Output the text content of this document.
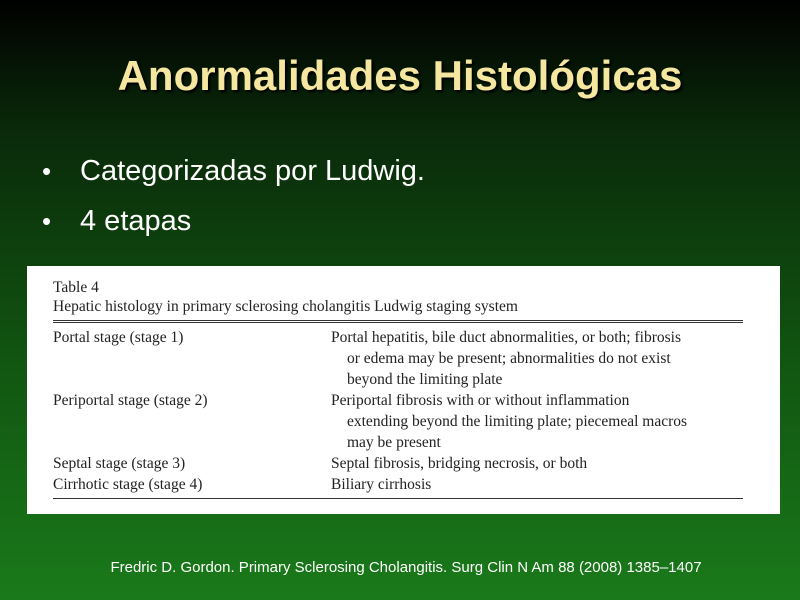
Anormalidades Histológicas
• Categorizadas por Ludwig.
• 4 etapas
Table 4
Hepatic histology in primary sclerosing cholangitis Ludwig staging system
Portal stage (stage 1)	Portal hepatitis, bile duct abnormalities, or both; fibrosis
or edema may be present; abnormalities do not exist
beyond the limiting plate
Periportal stage (stage 2)	Periportal fibrosis with or without inflammation
extending beyond the limiting plate; piecemeal macros
may be present
Septal stage (stage 3)	Septal fibrosis, bridging necrosis, or both
Cirrhotic stage (stage 4)	Biliary cirrhosis
Fredric D. Gordon. Primary Sclerosing Cholangitis. Surg Clin N Am 88 (2008) 1385–1407
